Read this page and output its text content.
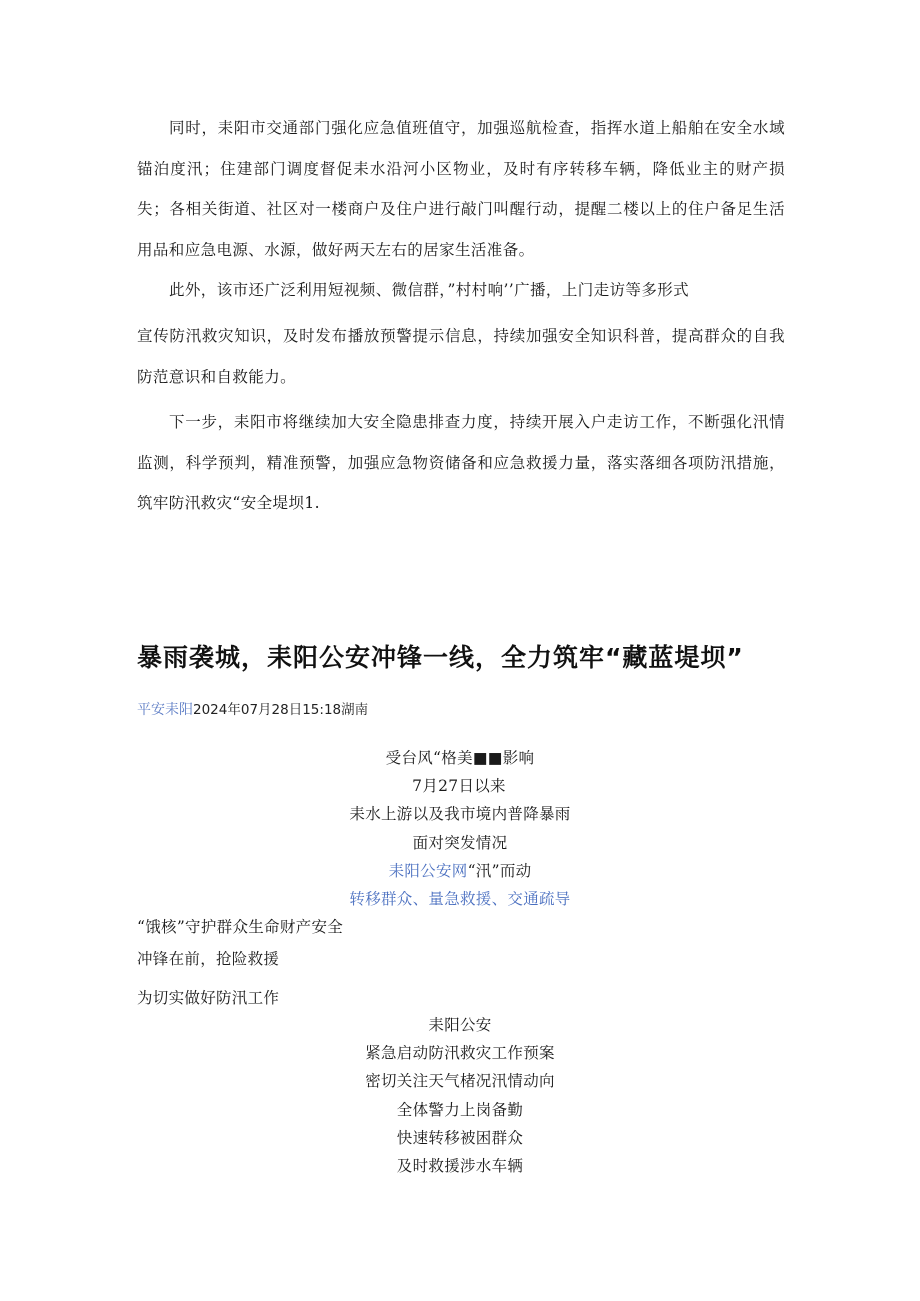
同时，耒阳市交通部门强化应急值班值守，加强巡航检查，指挥水道上船舶在安全水域锚泊度汛；住建部门调度督促耒水沿河小区物业，及时有序转移车辆，降低业主的财产损失；各相关街道、社区对一楼商户及住户进行敲门叫醒行动，提醒二楼以上的住户备足生活用品和应急电源、水源，做好两天左右的居家生活准备。

此外，该市还广泛利用短视频、微信群，”村村响’’广播，上门走访等多形式

宣传防汛救灾知识，及时发布播放预警提示信息，持续加强安全知识科普，提高群众的自我防范意识和自救能力。

下一步，耒阳市将继续加大安全隐患排查力度，持续开展入户走访工作，不断强化汛情监测，科学预判，精准预警，加强应急物资储备和应急救援力量，落实落细各项防汛措施，筑牢防汛救灾“安全堤坝1.

暴雨袭城，耒阳公安冲锋一线，全力筑牢“藏蓝堤坝”
平安耒阳2024年07月28日15:18湖南
受台风“格美■■影响
7月27日以来
耒水上游以及我市境内普降暴雨
面对突发情况
耒阳公安网“汛”而动
转移群众、量急救援、交通疏导
“饿核”守护群众生命财产安全
冲锋在前，抢险救援
为切实做好防汛工作
耒阳公安
紧急启动防汛救灾工作预案
密切关注天气楮况汛情动向
全体警力上岗备勤
快速转移被困群众
及时救援涉水车辆
